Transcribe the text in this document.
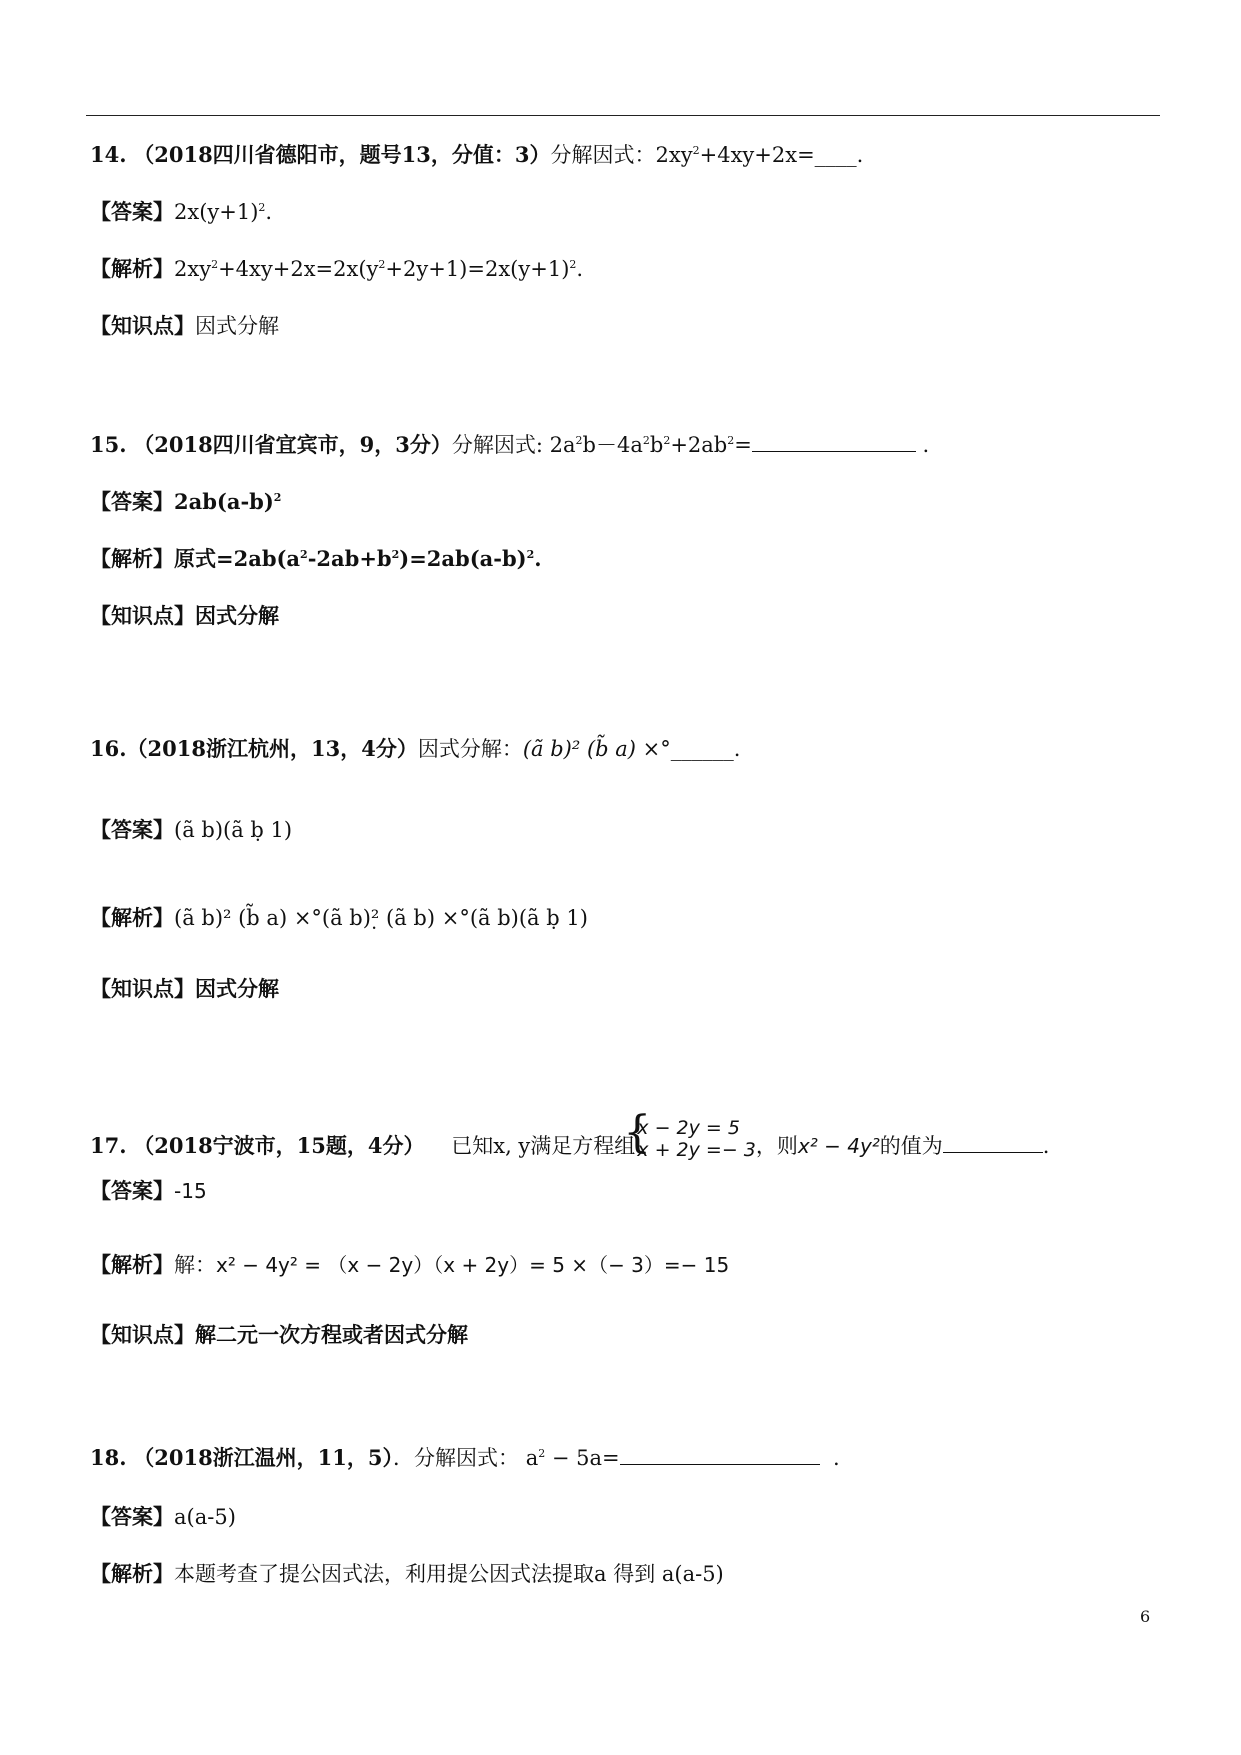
14. （2018四川省德阳市，题号13，分值：3）分解因式：$2xy^2+4xy+2x=\_\_\_\_$.
【答案】$2x(y+1)^2$.
【解析】$2xy^2+4xy+2x=2x(y^2+2y+1)=2x(y+1)^2$.
【知识点】因式分解
15. （2018四川省宜宾市，9，3分）分解因式: $2a^2b-4a^2b^2+2ab^2=$	.
【答案】$2ab(a-b)^2$
【解析】原式$=2ab(a^2-2ab+b^2)=2ab(a-b)^2$.
【知识点】因式分解
16.（2018浙江杭州，13，4分）因式分解：(ã b)² (b̃ a) ×°______.
【答案】(ã b)(ã ḅ 1)
【解析】(ã b)² (b̃ a) ×°(ã b)²̣ (ã b) ×°(ã b)(ã ḅ 1)
【知识点】因式分解
17. （2018宁波市，15题，4分） 已知x, y满足方程组
{
x − 2y = 5
x + 2y =− 3 ，则x² − 4y²的值为	.
【答案】-15
【解析】解：x² − 4y² = （x − 2y）（x + 2y）= 5 ×（− 3）=− 15
【知识点】解二元一次方程或者因式分解
18. （2018浙江温州，11，5）．分解因式： $a^2 - 5a=$	.
【答案】a(a-5)
【解析】本题考查了提公因式法，利用提公因式法提取a 得到 a(a-5)
6
